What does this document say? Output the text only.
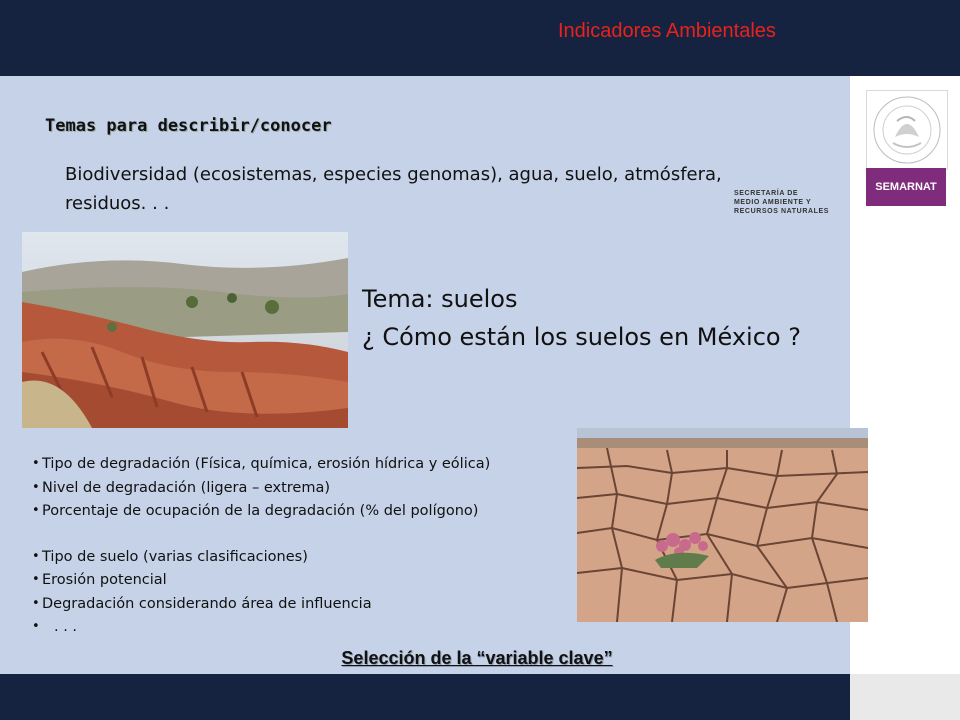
Indicadores Ambientales
SEMARNAT
SECRETARÍA DE
MEDIO AMBIENTE Y
RECURSOS NATURALES
Temas para describir/conocer
Biodiversidad (ecosistemas, especies genomas), agua, suelo, atmósfera, residuos. . .
Tema: suelos
¿ Cómo están los suelos en México ?
• Tipo de degradación (Física, química, erosión hídrica y eólica)
• Nivel de degradación (ligera – extrema)
• Porcentaje de ocupación de la degradación (% del polígono)
• Tipo de suelo (varias clasificaciones)
• Erosión potencial
• Degradación considerando área de influencia
• . . .
Selección de la “variable clave”
